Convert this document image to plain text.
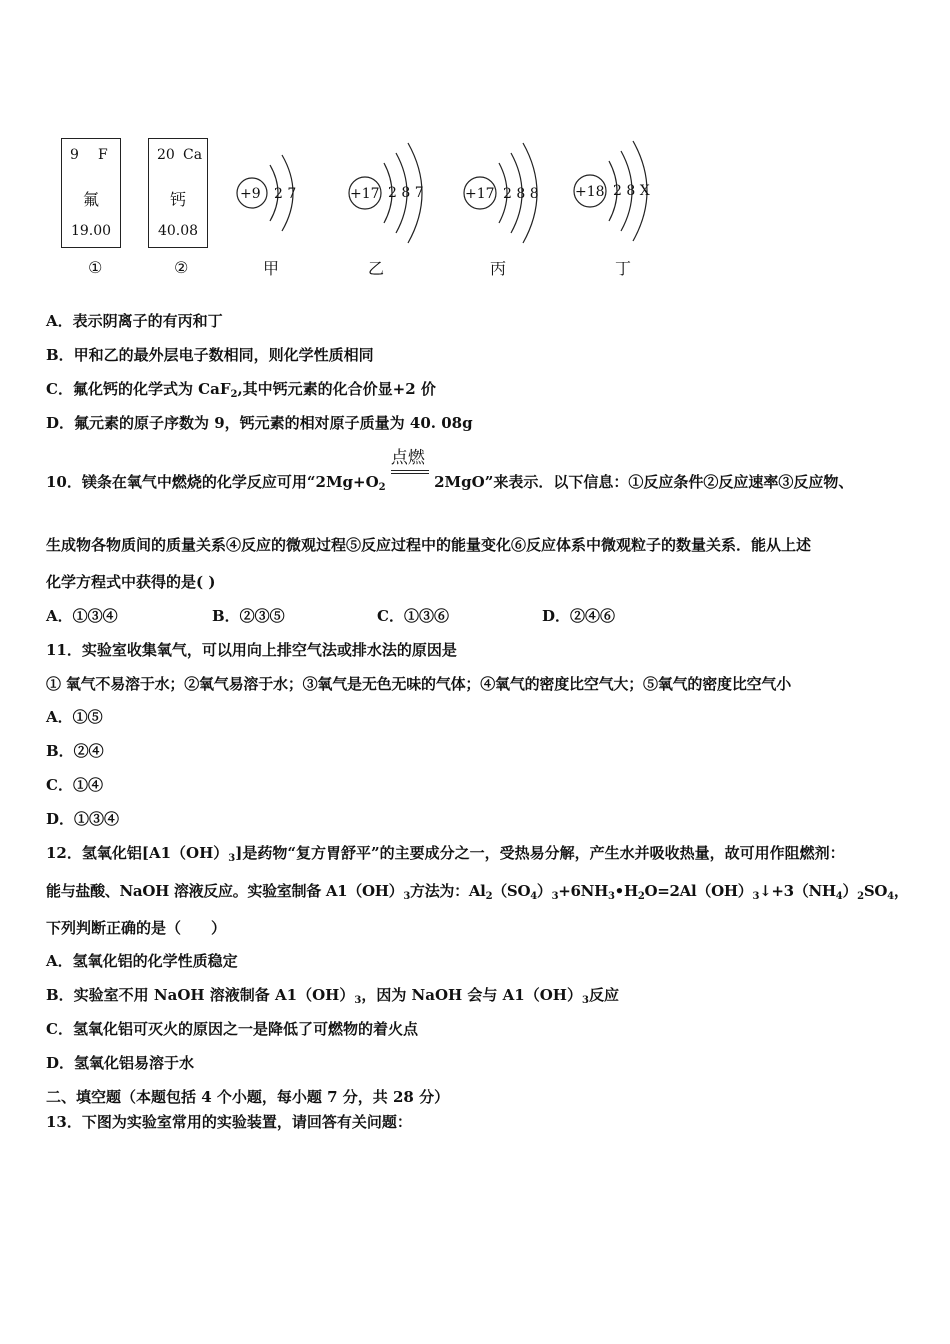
9 F
氟
19.00
①
20 Ca
钙
40.08
②
+9 2 7	+17 2 8 7	+17 2 8 8	+18 2 8 X
甲	乙	丙	丁
A．表示阴离子的有丙和丁
B．甲和乙的最外层电子数相同，则化学性质相同
C．氟化钙的化学式为 CaF$_2$,其中钙元素的化合价显+2 价
D．氟元素的原子序数为 9，钙元素的相对原子质量为 40. 08g
10．镁条在氧气中燃烧的化学反应可用“$2Mg+O_2$
点燃
2MgO”来表示．以下信息：①反应条件②反应速率③反应物、
生成物各物质间的质量关系④反应的微观过程⑤反应过程中的能量变化⑥反应体系中微观粒子的数量关系．能从上述
化学方程式中获得的是( )
A．①③④	B．②③⑤	C．①③⑥	D．②④⑥
11．实验室收集氧气，可以用向上排空气法或排水法的原因是
① 氧气不易溶于水；②氧气易溶于水；③氧气是无色无味的气体；④氧气的密度比空气大；⑤氧气的密度比空气小
A．①⑤
B．②④
C．①④
D．①③④
12．氢氧化铝$[A1(OH)_3]$是药物“复方胃舒平”的主要成分之一，受热易分解，产生水并吸收热量，故可用作阻燃剂：
能与盐酸、NaOH 溶液反应。实验室制备 $A1(OH)_3$方法为：$Al_2(SO_4)_3+6NH_3•H_2O=2Al(OH)_3↓+3(NH_4)_2SO_4$，
下列判断正确的是（　　）
A．氢氧化铝的化学性质稳定
B．实验室不用 NaOH 溶液制备 $A1(OH)_3$，因为 NaOH 会与 $A1(OH)_3$反应
C．氢氧化铝可灭火的原因之一是降低了可燃物的着火点
D．氢氧化铝易溶于水
二、填空题（本题包括 4 个小题，每小题 7 分，共 28 分）
13．下图为实验室常用的实验装置，请回答有关问题：
